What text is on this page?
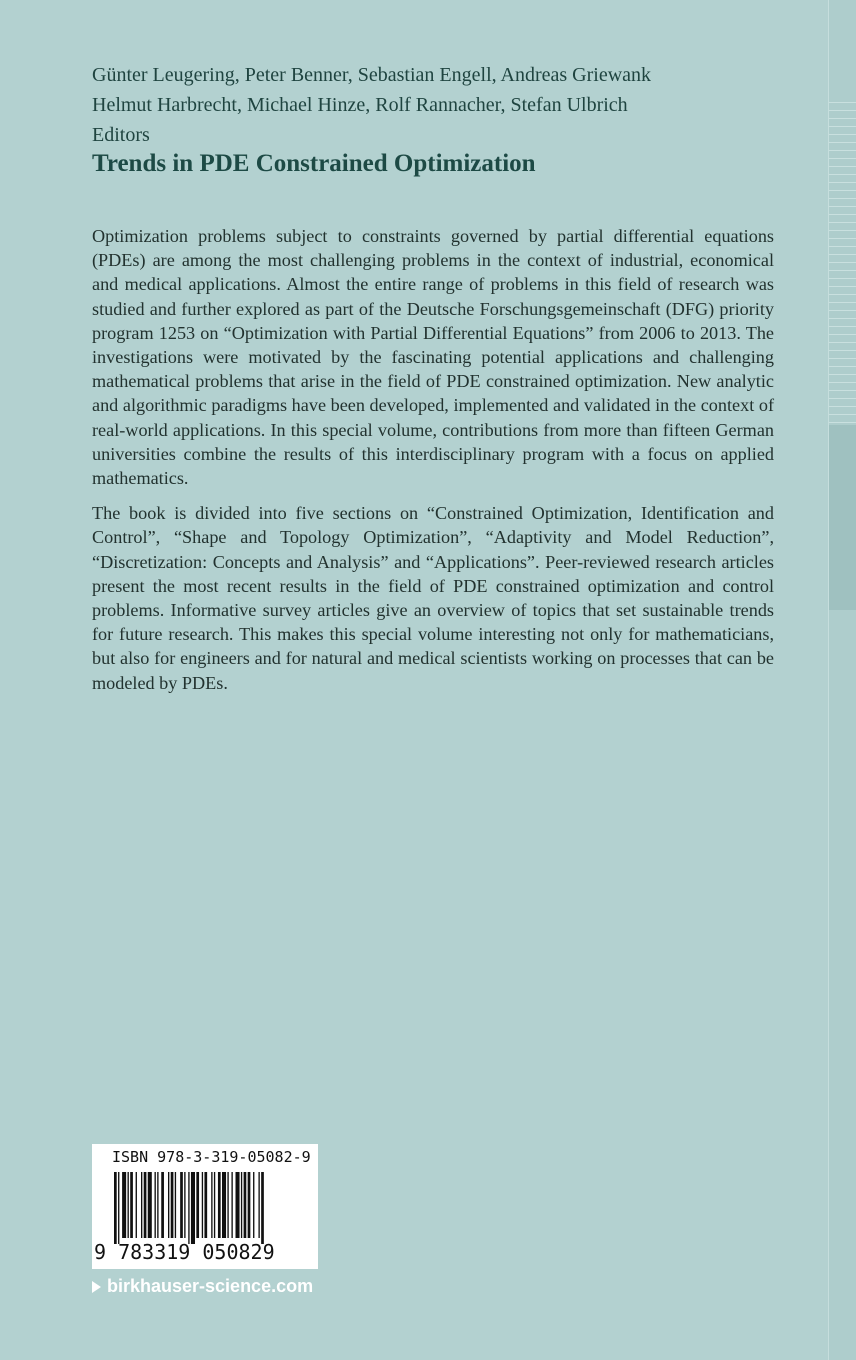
Günter Leugering, Peter Benner, Sebastian Engell, Andreas Griewank
Helmut Harbrecht, Michael Hinze, Rolf Rannacher, Stefan Ulbrich
Editors
Trends in PDE Constrained Optimization

Optimization problems subject to constraints governed by partial differential equations (PDEs) are among the most challenging problems in the context of industrial, economical and medical applications. Almost the entire range of problems in this field of research was studied and further explored as part of the Deutsche Forschungsgemeinschaft (DFG) priority program 1253 on “Optimization with Partial Differential Equations” from 2006 to 2013. The investigations were motivated by the fascinating potential applications and challenging mathematical problems that arise in the field of PDE constrained optimization. New analytic and algorithmic paradigms have been developed, implemented and validated in the context of real-world applications. In this special volume, contributions from more than fifteen German universities combine the results of this interdisciplinary program with a focus on applied mathematics.

The book is divided into five sections on “Constrained Optimization, Identification and Control”, “Shape and Topology Optimization”, “Adaptivity and Model Reduction”, “Discretization: Concepts and Analysis” and “Applications”. Peer-reviewed research articles present the most recent results in the field of PDE constrained optimization and control problems. Informative survey articles give an overview of topics that set sustainable trends for future research. This makes this special volume interesting not only for mathematicians, but also for engineers and for natural and medical scientists working on processes that can be modeled by PDEs.

ISBN 978-3-319-05082-9
9 783319 050829
birkhauser-science.com
